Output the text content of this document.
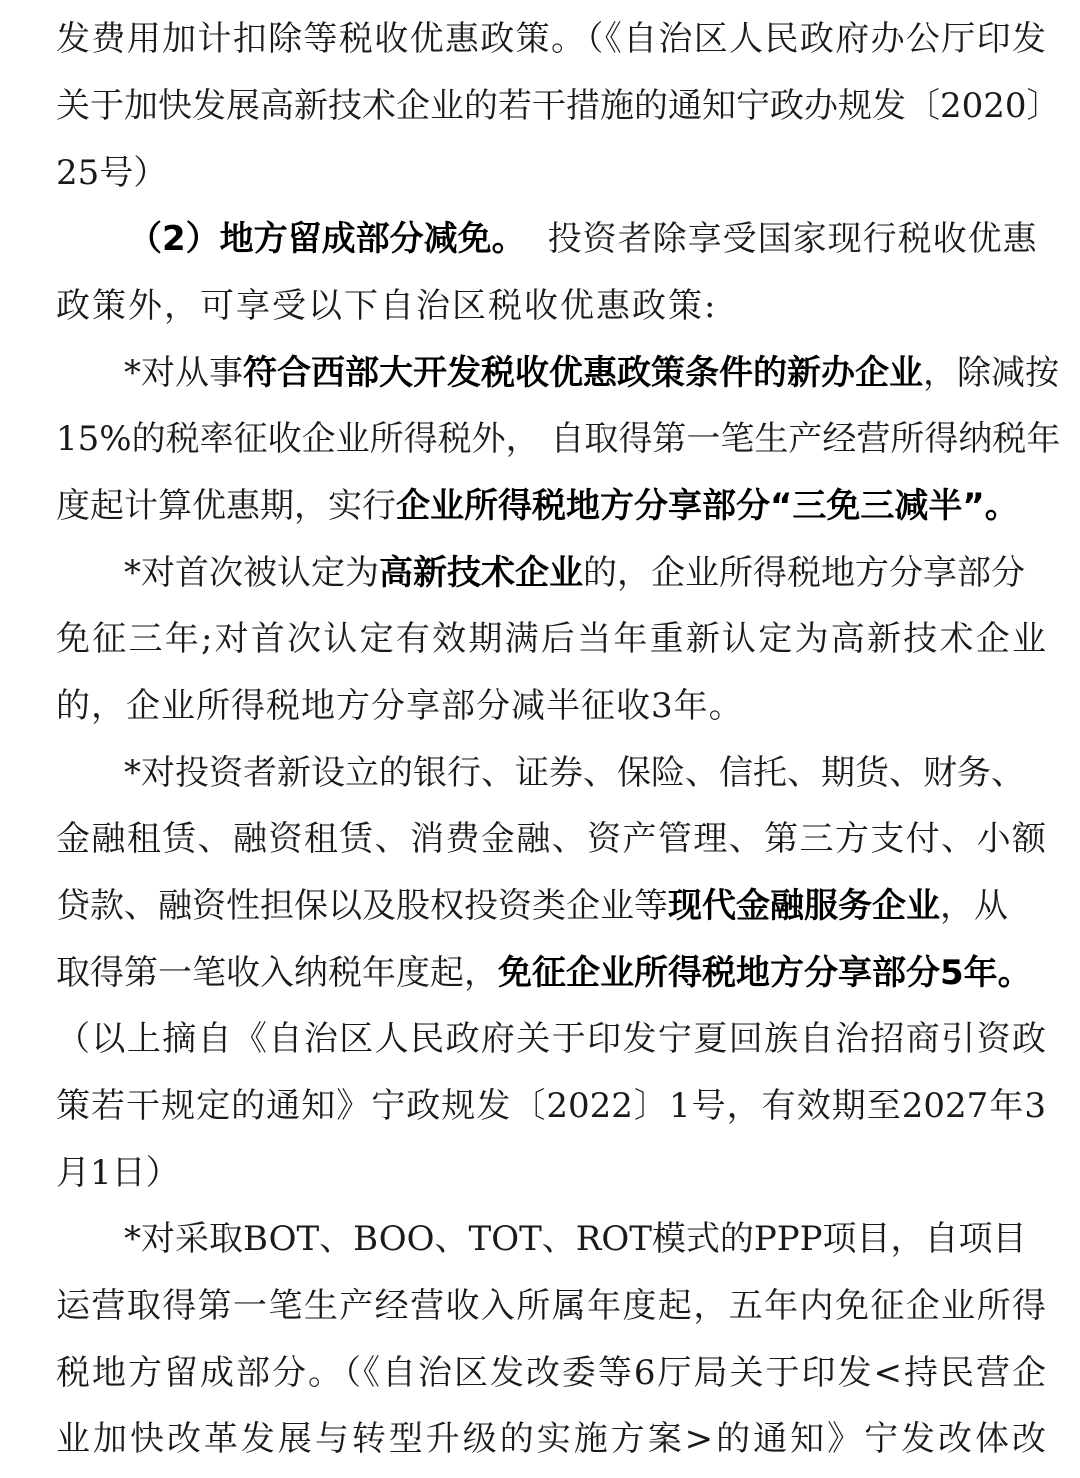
发费用加计扣除等税收优惠政策。（《自治区人民政府办公厅印发
关于加快发展高新技术企业的若干措施的通知宁政办规发〔2020〕
25号）
（2）地方留成部分减免。 投资者除享受国家现行税收优惠
政策外，可享受以下自治区税收优惠政策:
*对从事符合西部大开发税收优惠政策条件的新办企业，除减按
15%的税率征收企业所得税外， 自取得第一笔生产经营所得纳税年
度起计算优惠期，实行企业所得税地方分享部分“三免三减半”。
*对首次被认定为高新技术企业的，企业所得税地方分享部分
免征三年;对首次认定有效期满后当年重新认定为高新技术企业
的，企业所得税地方分享部分减半征收3年。
*对投资者新设立的银行、证券、保险、信托、期货、财务、
金融租赁、融资租赁、消费金融、资产管理、第三方支付、小额
贷款、融资性担保以及股权投资类企业等现代金融服务企业，从
取得第一笔收入纳税年度起，免征企业所得税地方分享部分5年。
（以上摘自《自治区人民政府关于印发宁夏回族自治招商引资政
策若干规定的通知》宁政规发〔2022〕1号，有效期至2027年3
月1日）
*对采取BOT、BOO、TOT、ROT模式的PPP项目，自项目
运营取得第一笔生产经营收入所属年度起，五年内免征企业所得
税地方留成部分。（《自治区发改委等6厅局关于印发<持民营企
业加快改革发展与转型升级的实施方案>的通知》宁发改体改
